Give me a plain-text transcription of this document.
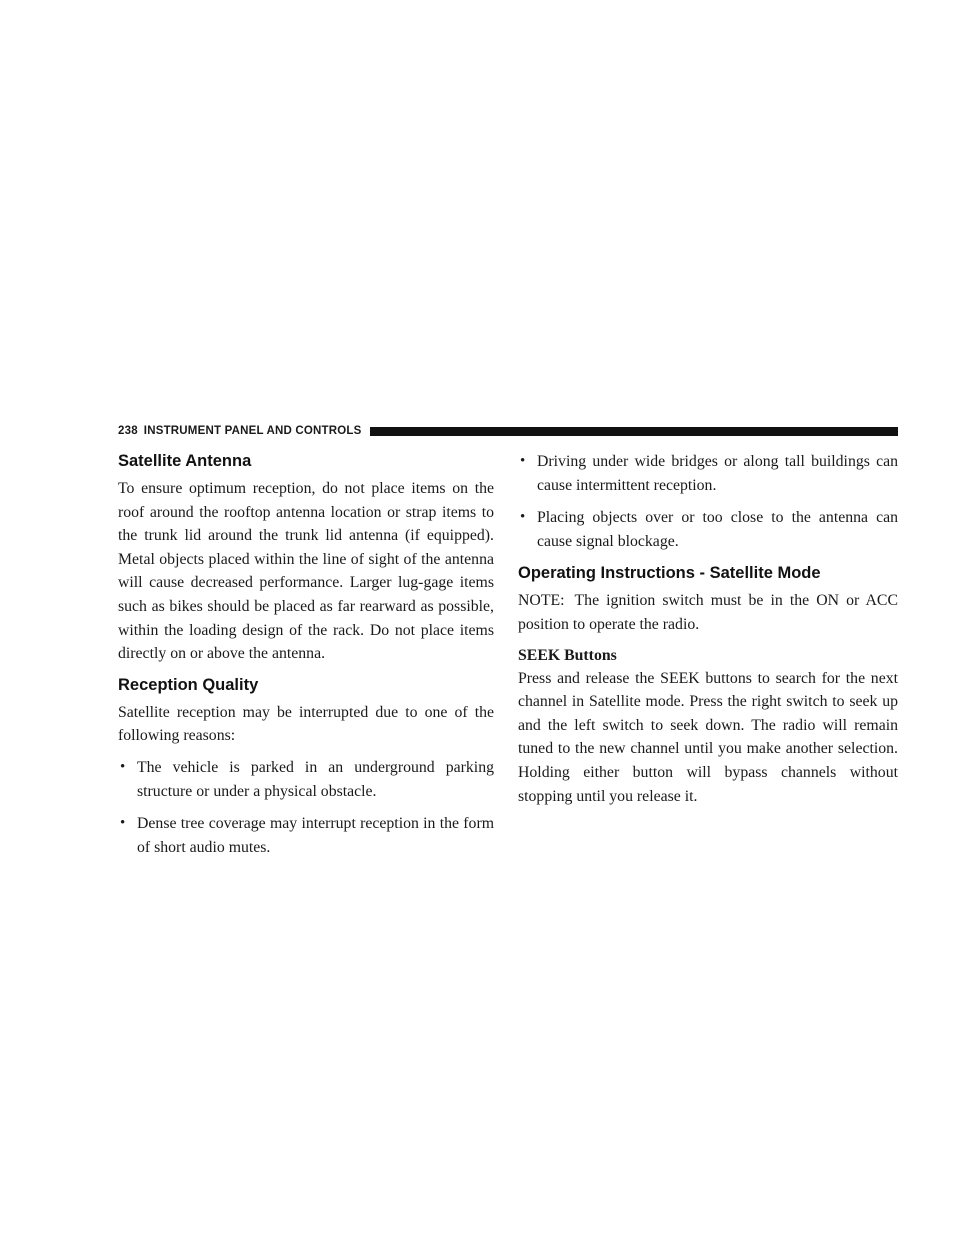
238 INSTRUMENT PANEL AND CONTROLS
Satellite Antenna

To ensure optimum reception, do not place items on the roof around the rooftop antenna location or strap items to the trunk lid around the trunk lid antenna (if equipped). Metal objects placed within the line of sight of the antenna will cause decreased performance. Larger lug-gage items such as bikes should be placed as far rearward as possible, within the loading design of the rack. Do not place items directly on or above the antenna.

Reception Quality

Satellite reception may be interrupted due to one of the following reasons:

• The vehicle is parked in an underground parking structure or under a physical obstacle.
• Dense tree coverage may interrupt reception in the form of short audio mutes.
• Driving under wide bridges or along tall buildings can cause intermittent reception.
• Placing objects over or too close to the antenna can cause signal blockage.
Operating Instructions - Satellite Mode

NOTE: The ignition switch must be in the ON or ACC position to operate the radio.

SEEK Buttons

Press and release the SEEK buttons to search for the next channel in Satellite mode. Press the right switch to seek up and the left switch to seek down. The radio will remain tuned to the new channel until you make another selection. Holding either button will bypass channels without stopping until you release it.
